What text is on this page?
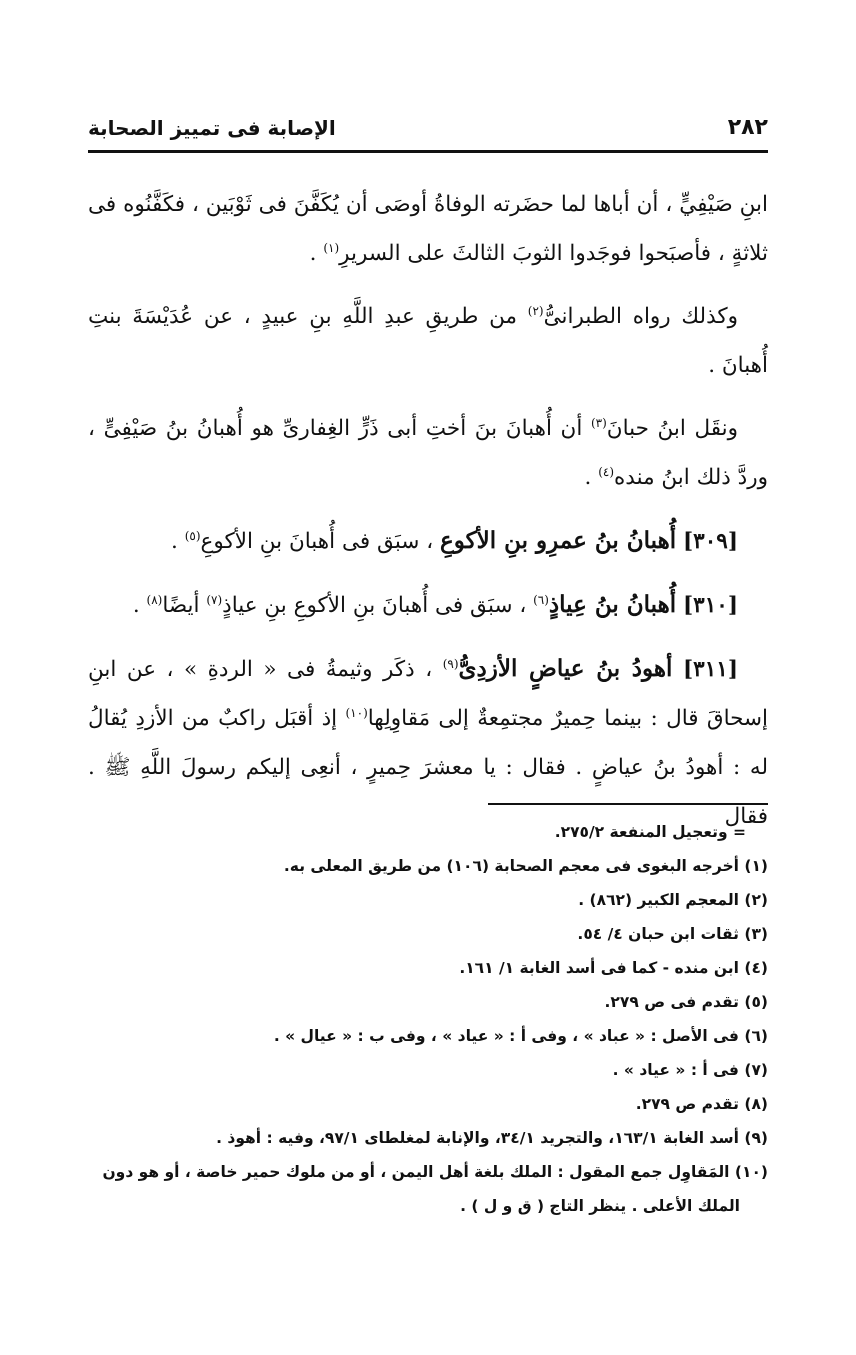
الإصابة فى تمييز الصحابة	٢٨٢

ابنِ صَيْفِيٍّ ، أن أباها لما حضَرته الوفاةُ أوصَى أن يُكَفَّنَ فى ثَوْبَين ، فكَفَّنُوه فى ثلاثةٍ ، فأصبَحوا فوجَدوا الثوبَ الثالثَ على السريرِ$^{(١)}$ .

وكذلك رواه الطبرانىُّ$^{(٢)}$ من طريقِ عبدِ اللَّهِ بنِ عبيدٍ ، عن عُدَيْسَةَ بنتِ أُهبانَ .

ونقَل ابنُ حبانَ$^{(٣)}$ أن أُهبانَ بنَ أختِ أبى ذَرٍّ الغِفارىِّ هو أُهبانُ بنُ صَيْفِىٍّ ، وردَّ ذلك ابنُ منده$^{(٤)}$ .

[٣٠٩] أُهبانُ بنُ عمرِو بنِ الأكوعِ ، سبَق فى أُهبانَ بنِ الأكوعِ$^{(٥)}$ .

[٣١٠] أُهبانُ بنُ عِياذٍ$^{(٦)}$ ، سبَق فى أُهبانَ بنِ الأكوعِ بنِ عياذٍ$^{(٧)}$ أيضًا$^{(٨)}$ .

[٣١١] أهودُ بنُ عياضٍ الأزدِىُّ$^{(٩)}$ ، ذكَر وثيمةُ فى « الردةِ » ، عن ابنِ إسحاقَ قال : بينما حِميرٌ مجتمِعةٌ إلى مَقاوِلِها$^{(١٠)}$ إذ أقبَل راكبٌ من الأزدِ يُقالُ له : أهودُ بنُ عياضٍ . فقال : يا معشرَ حِميرٍ ، أنعِى إليكم رسولَ اللَّهِ ﷺ . فقال

= وتعجيل المنفعة ٢٧٥/٢.
(١) أخرجه البغوى فى معجم الصحابة (١٠٦) من طريق المعلى به.
(٢) المعجم الكبير (٨٦٢) .
(٣) ثقات ابن حبان ٤/ ٥٤.
(٤) ابن منده - كما فى أسد الغابة ١/ ١٦١.
(٥) تقدم فى ص ٢٧٩.
(٦) فى الأصل : « عباد » ، وفى أ : « عياد » ، وفى ب : « عيال » .
(٧) فى أ : « عياد » .
(٨) تقدم ص ٢٧٩.
(٩) أسد الغابة ١٦٣/١، والتجريد ٣٤/١، والإنابة لمغلطاى ٩٧/١، وفيه : أهوذ .
(١٠) المَقاوِل جمع المقول : الملك بلغة أهل اليمن ، أو من ملوك حمير خاصة ، أو هو دون الملك الأعلى . ينظر التاج ( ق و ل ) .
